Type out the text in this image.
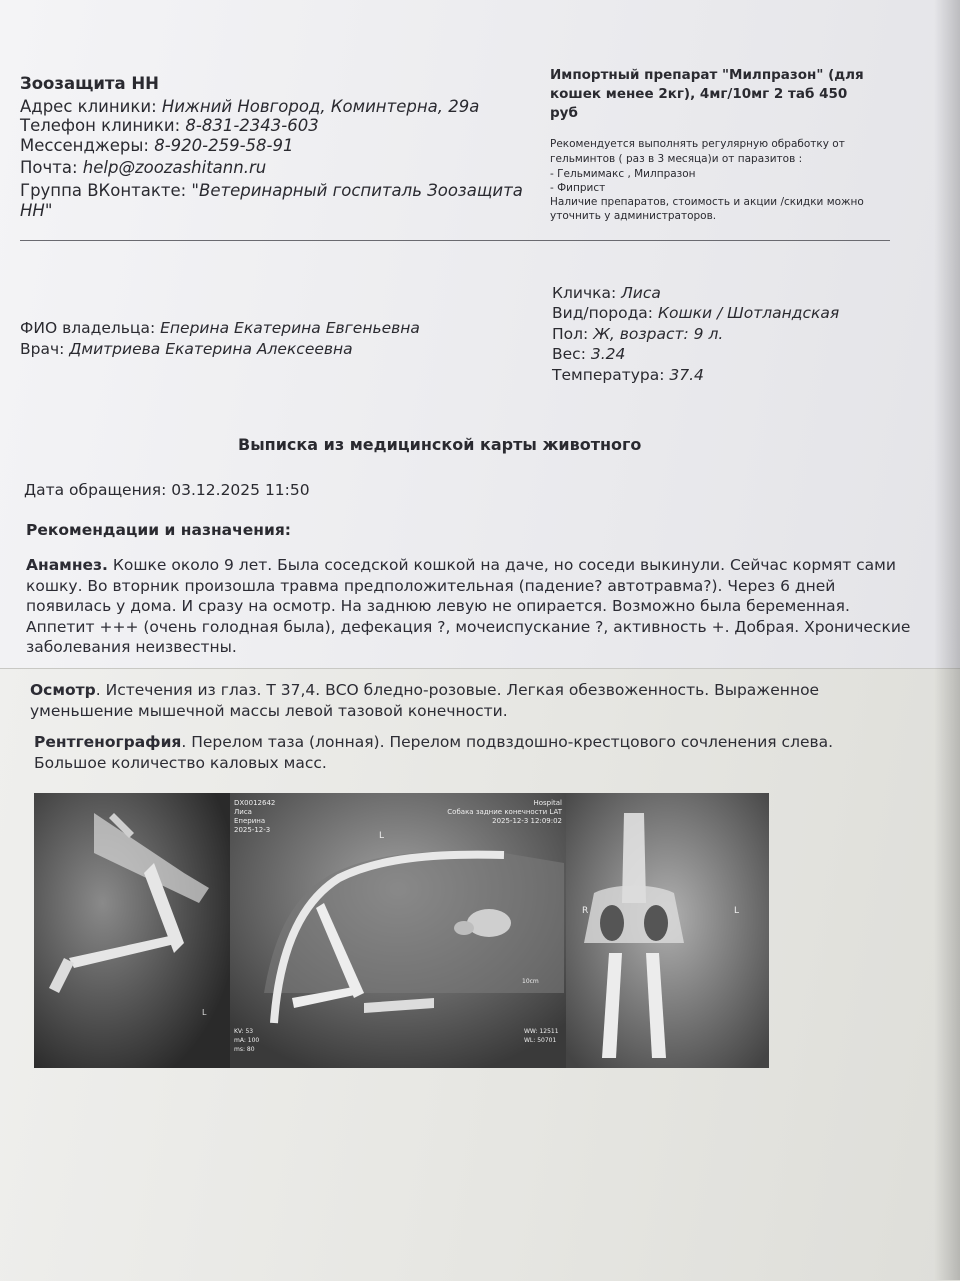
Зоозащита НН

Адрес клиники: Нижний Новгород, Коминтерна, 29а

Телефон клиники: 8-831-2343-603

Мессенджеры: 8-920-259-58-91

Почта: help@zoozashitann.ru

Группа ВКонтакте: "Ветеринарный госпиталь Зоозащита

НН"

Импортный препарат "Милпразон" (для

кошек менее 2кг), 4мг/10мг 2 таб 450

руб

Рекомендуется выполнять регулярную обработку от

гельминтов ( раз в 3 месяца)и от паразитов :

- Гельмимакс , Милпразон

- Фиприст

Наличие препаратов, стоимость и акции /скидки можно

уточнить у администраторов.

Кличка: Лиса

Вид/порода: Кошки / Шотландская

Пол: Ж, возраст: 9 л.

Вес: 3.24

Температура: 37.4

ФИО владельца: Еперина Екатерина Евгеньевна

Врач: Дмитриева Екатерина Алексеевна

Выписка из медицинской карты животного

Дата обращения: 03.12.2025 11:50

Рекомендации и назначения:

Анамнез. Кошке около 9 лет. Была соседской кошкой на даче, но соседи выкинули. Сейчас кормят сами кошку. Во вторник произошла травма предположительная (падение? автотравма?). Через 6 дней появилась у дома. И сразу на осмотр. На заднюю левую не опирается. Возможно была беременная. Аппетит +++ (очень голодная была), дефекация ?, мочеиспускание ?, активность +. Добрая. Хронические заболевания неизвестны.

Осмотр. Истечения из глаз. Т 37,4. ВСО бледно-розовые. Легкая обезвоженность. Выраженное уменьшение мышечной массы левой тазовой конечности.

Рентгенография. Перелом таза (лонная). Перелом подвздошно-крестцового сочленения слева. Большое количество каловых масс.

L
DX0012642
Лиса
Еперина
2025-12-3
Hospital
Собака задние конечности LAT
2025-12-3 12:09:02
L
10cm
WW: 12511
WL: 50701
KV: 53
mA: 100
ms: 80
R	L
